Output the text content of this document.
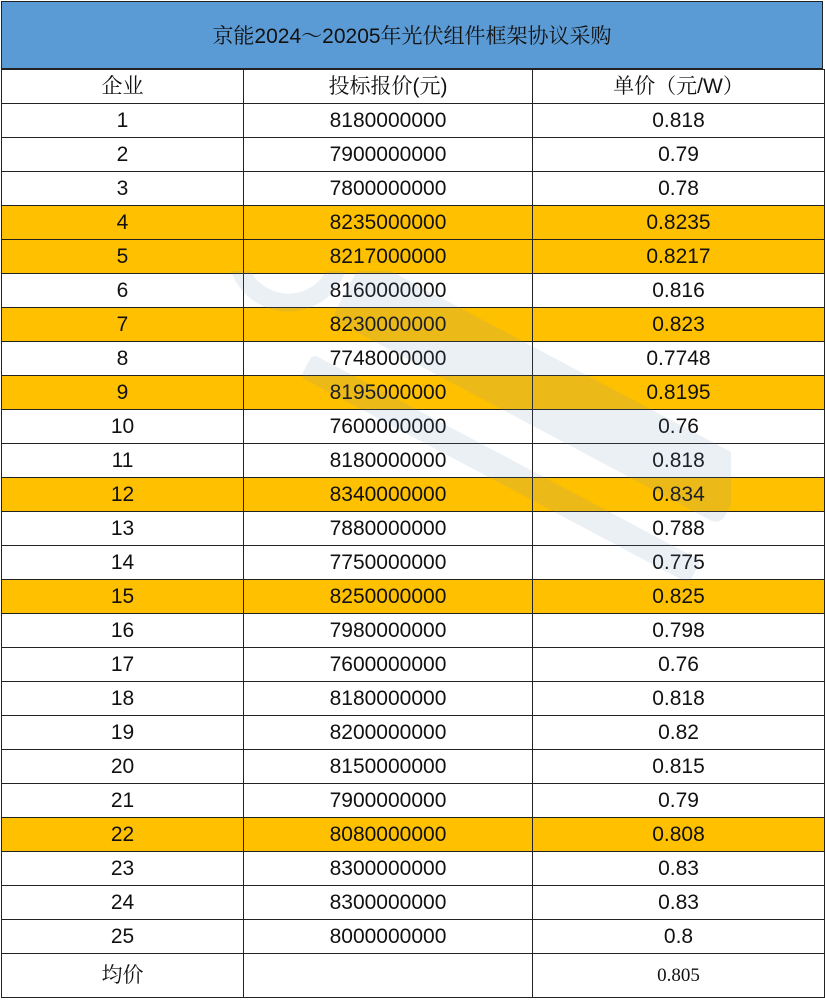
京能2024～20205年光伏组件框架协议采购
企业	投标报价(元)	单价（元/W）
1	8180000000	0.818
2	7900000000	0.79
3	7800000000	0.78
4	8235000000	0.8235
5	8217000000	0.8217
6	8160000000	0.816
7	8230000000	0.823
8	7748000000	0.7748
9	8195000000	0.8195
10	7600000000	0.76
11	8180000000	0.818
12	8340000000	0.834
13	7880000000	0.788
14	7750000000	0.775
15	8250000000	0.825
16	7980000000	0.798
17	7600000000	0.76
18	8180000000	0.818
19	8200000000	0.82
20	8150000000	0.815
21	7900000000	0.79
22	8080000000	0.808
23	8300000000	0.83
24	8300000000	0.83
25	8000000000	0.8
均价		0.805
